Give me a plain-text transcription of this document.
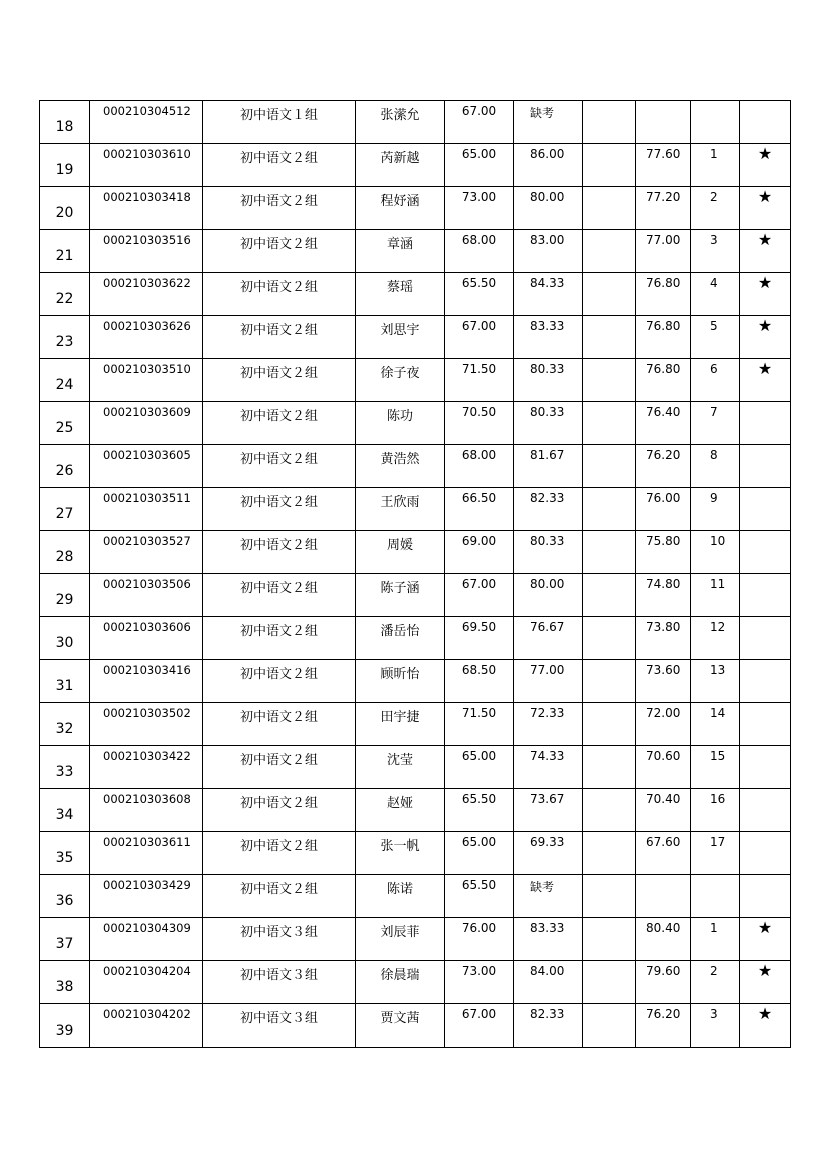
18	000210304512	初中语文１组	张潆允	67.00	缺考				

19	000210303610	初中语文２组	芮新越	65.00	86.00		77.60	1	★

20	000210303418	初中语文２组	程妤涵	73.00	80.00		77.20	2	★

21	000210303516	初中语文２组	章涵	68.00	83.00		77.00	3	★

22	000210303622	初中语文２组	蔡瑶	65.50	84.33		76.80	4	★

23	000210303626	初中语文２组	刘思宇	67.00	83.33		76.80	5	★

24	000210303510	初中语文２组	徐子夜	71.50	80.33		76.80	6	★

25	000210303609	初中语文２组	陈功	70.50	80.33		76.40	7	

26	000210303605	初中语文２组	黄浩然	68.00	81.67		76.20	8	

27	000210303511	初中语文２组	王欣雨	66.50	82.33		76.00	9	

28	000210303527	初中语文２组	周媛	69.00	80.33		75.80	10	

29	000210303506	初中语文２组	陈子涵	67.00	80.00		74.80	11	

30	000210303606	初中语文２组	潘岳怡	69.50	76.67		73.80	12	

31	000210303416	初中语文２组	顾昕怡	68.50	77.00		73.60	13	

32	000210303502	初中语文２组	田宇捷	71.50	72.33		72.00	14	

33	000210303422	初中语文２组	沈莹	65.00	74.33		70.60	15	

34	000210303608	初中语文２组	赵娅	65.50	73.67		70.40	16	

35	000210303611	初中语文２组	张一帆	65.00	69.33		67.60	17	

36	000210303429	初中语文２组	陈诺	65.50	缺考				

37	000210304309	初中语文３组	刘辰菲	76.00	83.33		80.40	1	★

38	000210304204	初中语文３组	徐晨瑞	73.00	84.00		79.60	2	★

39	000210304202	初中语文３组	贾文茜	67.00	82.33		76.20	3	★
